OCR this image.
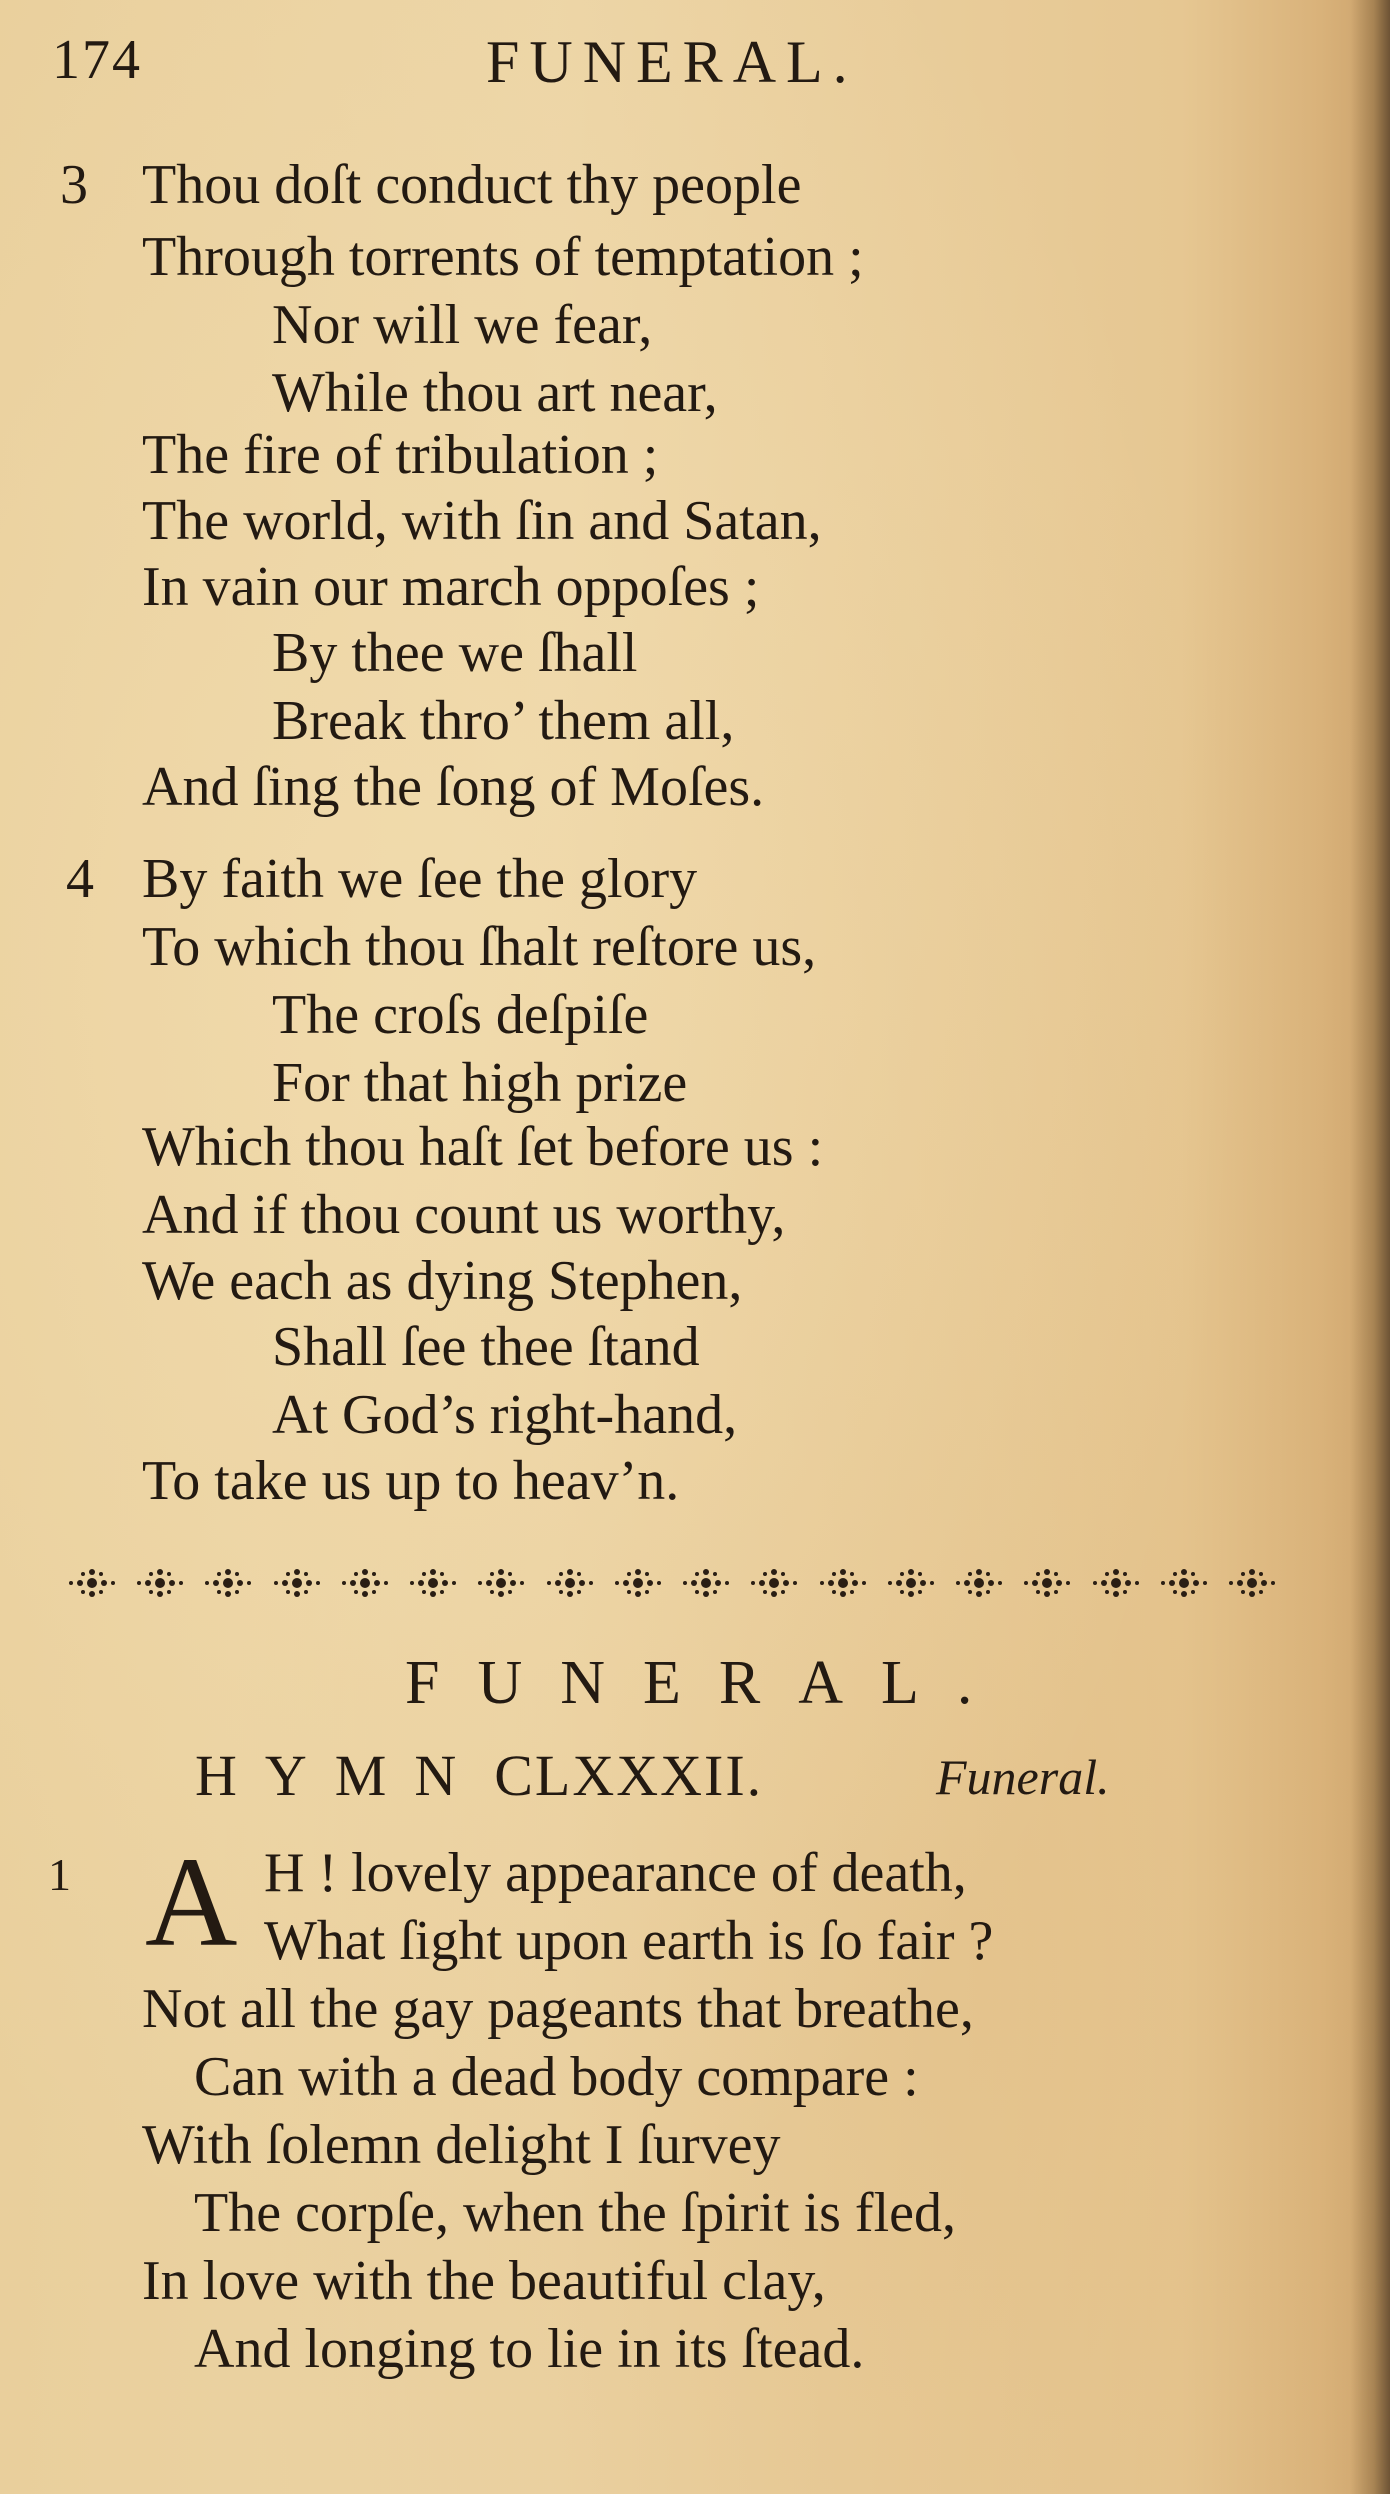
174	FUNERAL.
3 Thou doſt conduct thy people
Through torrents of temptation ;
Nor will we fear,
While thou art near,
The fire of tribulation ;
The world, with ſin and Satan,
In vain our march oppoſes ;
By thee we ſhall
Break thro’ them all,
And ſing the ſong of Moſes.
4 By faith we ſee the glory
To which thou ſhalt reſtore us,
The croſs deſpiſe
For that high prize
Which thou haſt ſet before us :
And if thou count us worthy,
We each as dying Stephen,
Shall ſee thee ſtand
At God’s right-hand,
To take us up to heav’n.
FUNERAL.
HYMN CLXXXII.	Funeral.
1 A H ! lovely appearance of death,
What ſight upon earth is ſo fair ?
Not all the gay pageants that breathe,
Can with a dead body compare :
With ſolemn delight I ſurvey
The corpſe, when the ſpirit is fled,
In love with the beautiful clay,
And longing to lie in its ſtead.
